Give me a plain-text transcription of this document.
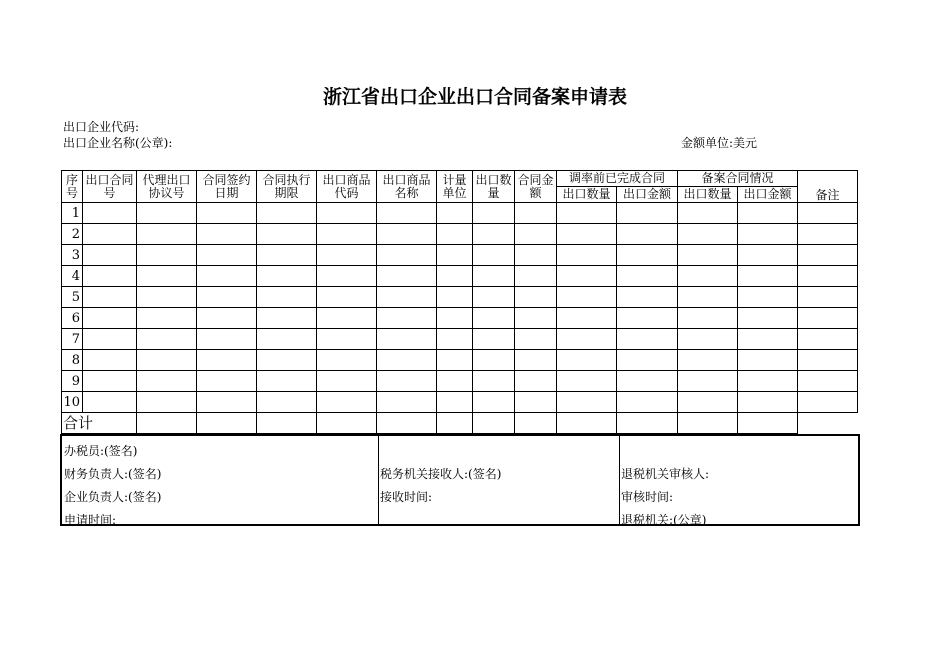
浙江省出口企业出口合同备案申请表
出口企业代码:
出口企业名称(公章):	金额单位:美元
序号	出口合同号	代理出口协议号	合同签约日期	合同执行期限	出口商品代码	出口商品名称	计量单位	出口数量	合同金额	调率前已完成合同		备案合同情况		备注
										出口数量	出口金额	出口数量	出口金额	
1														
2														
3														
4														
5														
6														
7														
8														
9														
10														
合计														
办税员:(签名)
财务负责人:(签名)
企业负责人:(签名)
申请时间:
税务机关接收人:(签名)
接收时间:
退税机关审核人:
审核时间:
退税机关:(公章)
